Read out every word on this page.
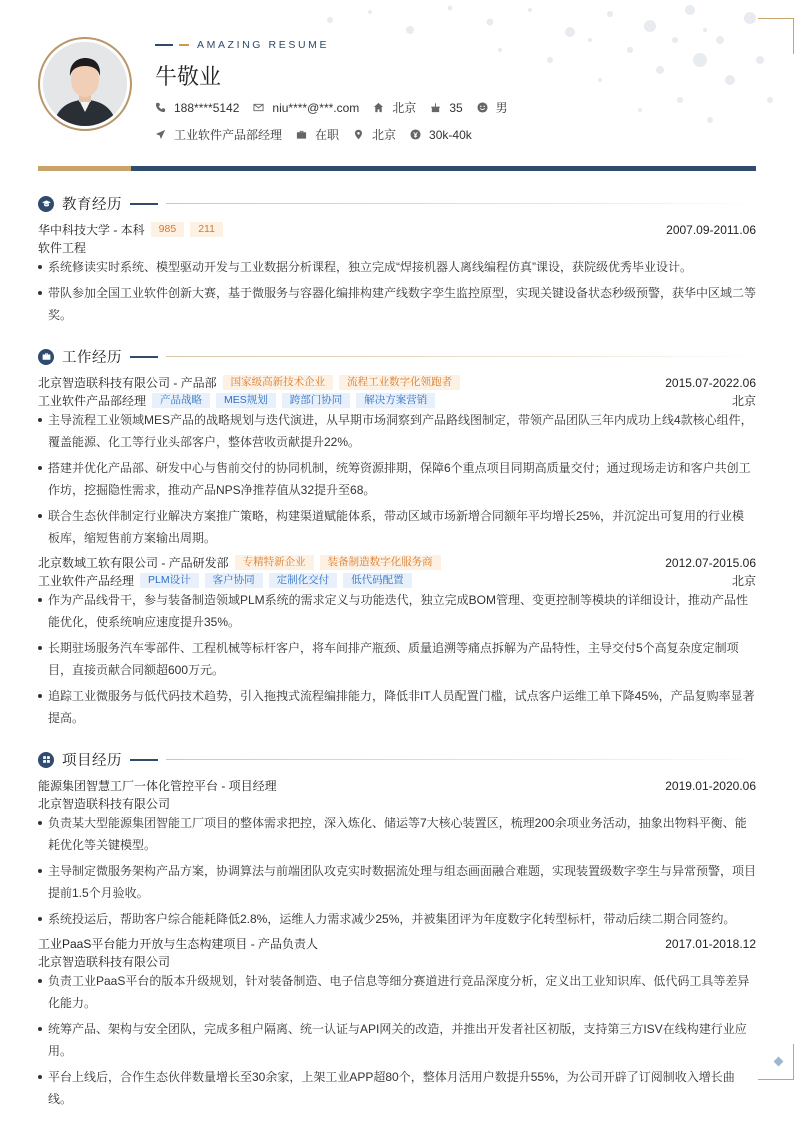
AMAZING RESUME
牛敬业
188****5142	niu****@***.com	北京	35	男
工业软件产品部经理	在职	北京	30k-40k
教育经历
华中科技大学 - 本科	985	211	2007.09-2011.06
软件工程
系统修读实时系统、模型驱动开发与工业数据分析课程，独立完成“焊接机器人离线编程仿真”课设，获院级优秀毕业设计。
带队参加全国工业软件创新大赛，基于微服务与容器化编排构建产线数字孪生监控原型，实现关键设备状态秒级预警，获华中区域二等奖。
工作经历
北京智造联科技有限公司 - 产品部	国家级高新技术企业	流程工业数字化领跑者	2015.07-2022.06
工业软件产品部经理	产品战略	MES规划	跨部门协同	解决方案营销	北京
主导流程工业领域MES产品的战略规划与迭代演进，从早期市场洞察到产品路线图制定，带领产品团队三年内成功上线4款核心组件，覆盖能源、化工等行业头部客户，整体营收贡献提升22%。
搭建并优化产品部、研发中心与售前交付的协同机制，统筹资源排期，保障6个重点项目同期高质量交付；通过现场走访和客户共创工作坊，挖掘隐性需求，推动产品NPS净推荐值从32提升至68。
联合生态伙伴制定行业解决方案推广策略，构建渠道赋能体系，带动区域市场新增合同额年平均增长25%，并沉淀出可复用的行业模板库，缩短售前方案输出周期。
北京数域工软有限公司 - 产品研发部	专精特新企业	装备制造数字化服务商	2012.07-2015.06
工业软件产品经理	PLM设计	客户协同	定制化交付	低代码配置	北京
作为产品线骨干，参与装备制造领域PLM系统的需求定义与功能迭代，独立完成BOM管理、变更控制等模块的详细设计，推动产品性能优化，使系统响应速度提升35%。
长期驻场服务汽车零部件、工程机械等标杆客户，将车间排产瓶颈、质量追溯等痛点拆解为产品特性，主导交付5个高复杂度定制项目，直接贡献合同额超600万元。
追踪工业微服务与低代码技术趋势，引入拖拽式流程编排能力，降低非IT人员配置门槛，试点客户运维工单下降45%，产品复购率显著提高。
项目经历
能源集团智慧工厂一体化管控平台 - 项目经理	2019.01-2020.06
北京智造联科技有限公司
负责某大型能源集团智能工厂项目的整体需求把控，深入炼化、储运等7大核心装置区，梳理200余项业务活动，抽象出物料平衡、能耗优化等关键模型。
主导制定微服务架构产品方案，协调算法与前端团队攻克实时数据流处理与组态画面融合难题，实现装置级数字孪生与异常预警，项目提前1.5个月验收。
系统投运后，帮助客户综合能耗降低2.8%，运维人力需求减少25%，并被集团评为年度数字化转型标杆，带动后续二期合同签约。
工业PaaS平台能力开放与生态构建项目 - 产品负责人	2017.01-2018.12
北京智造联科技有限公司
负责工业PaaS平台的版本升级规划，针对装备制造、电子信息等细分赛道进行竞品深度分析，定义出工业知识库、低代码工具等差异化能力。
统筹产品、架构与安全团队，完成多租户隔离、统一认证与API网关的改造，并推出开发者社区初版，支持第三方ISV在线构建行业应用。
平台上线后，合作生态伙伴数量增长至30余家，上架工业APP超80个，整体月活用户数提升55%，为公司开辟了订阅制收入增长曲线。
